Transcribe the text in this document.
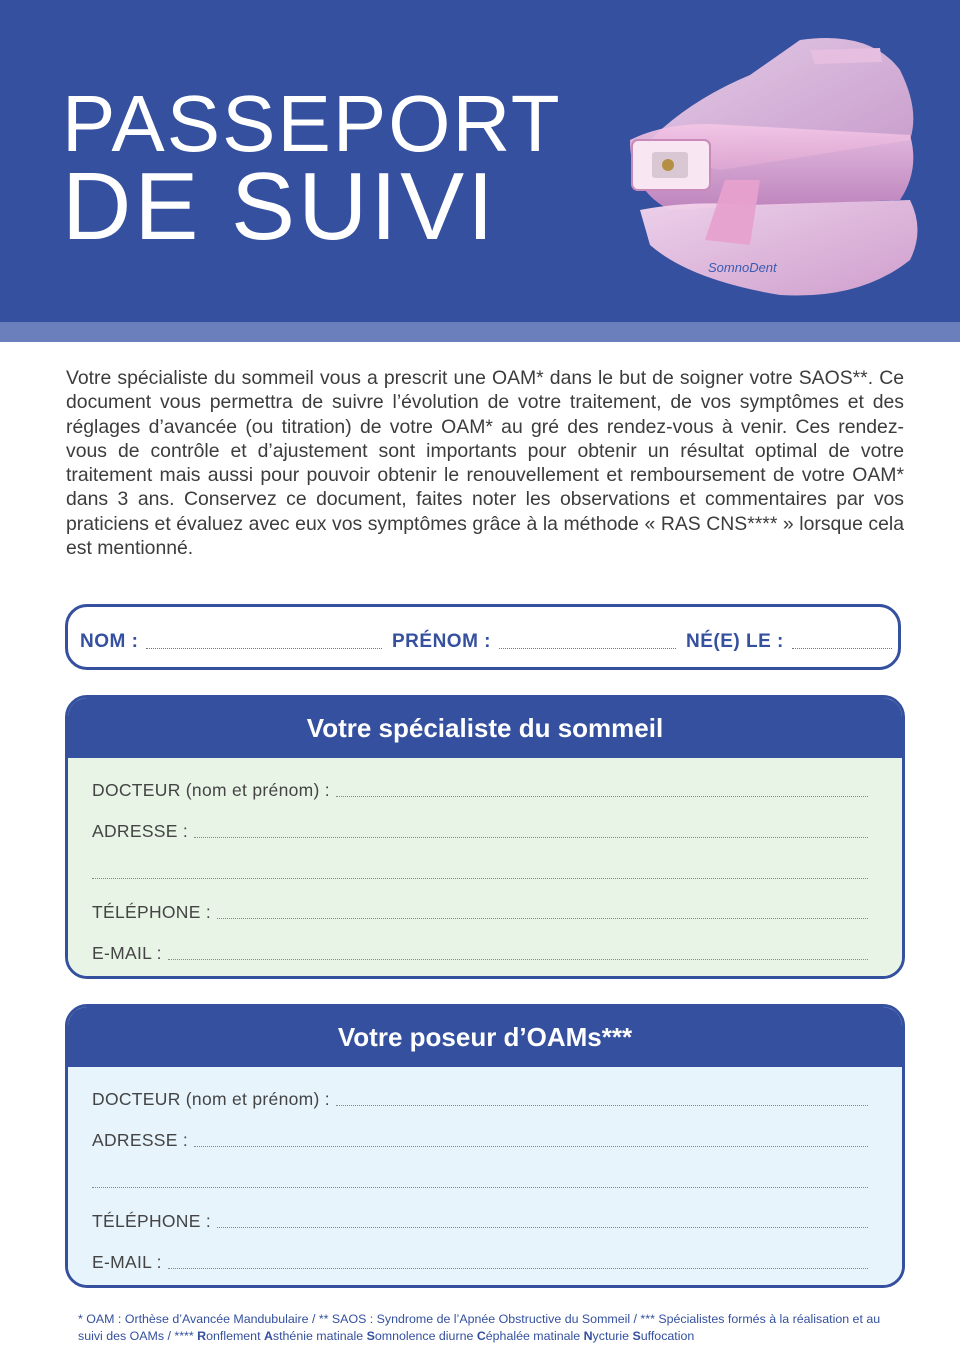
PASSEPORT
DE SUIVI
SomnoDent

Votre spécialiste du sommeil vous a prescrit une OAM* dans le but de soigner votre SAOS**. Ce document vous permettra de suivre l’évolution de votre traitement, de vos symptômes et des réglages d’avancée (ou titration) de votre OAM* au gré des rendez-vous à venir. Ces rendez-vous de contrôle et d’ajustement sont importants pour obtenir un résultat optimal de votre traitement mais aussi pour pouvoir obtenir le renouvellement et remboursement de votre OAM* dans 3 ans. Conservez ce document, faites noter les observations et commentaires par vos praticiens et évaluez avec eux vos symptômes grâce à la méthode « RAS CNS**** » lorsque cela est mentionné.

NOM :	PRÉNOM :	NÉ(E) LE :
Votre spécialiste du sommeil
DOCTEUR (nom et prénom) :
ADRESSE :
TÉLÉPHONE :
E-MAIL :
Votre poseur d’OAMs***
DOCTEUR (nom et prénom) :
ADRESSE :
TÉLÉPHONE :
E-MAIL :

* OAM : Orthèse d’Avancée Mandubulaire / ** SAOS : Syndrome de l’Apnée Obstructive du Sommeil / *** Spécialistes formés à la réalisation et au suivi des OAMs / **** Ronflement Asthénie matinale Somnolence diurne Céphalée matinale Nycturie Suffocation
